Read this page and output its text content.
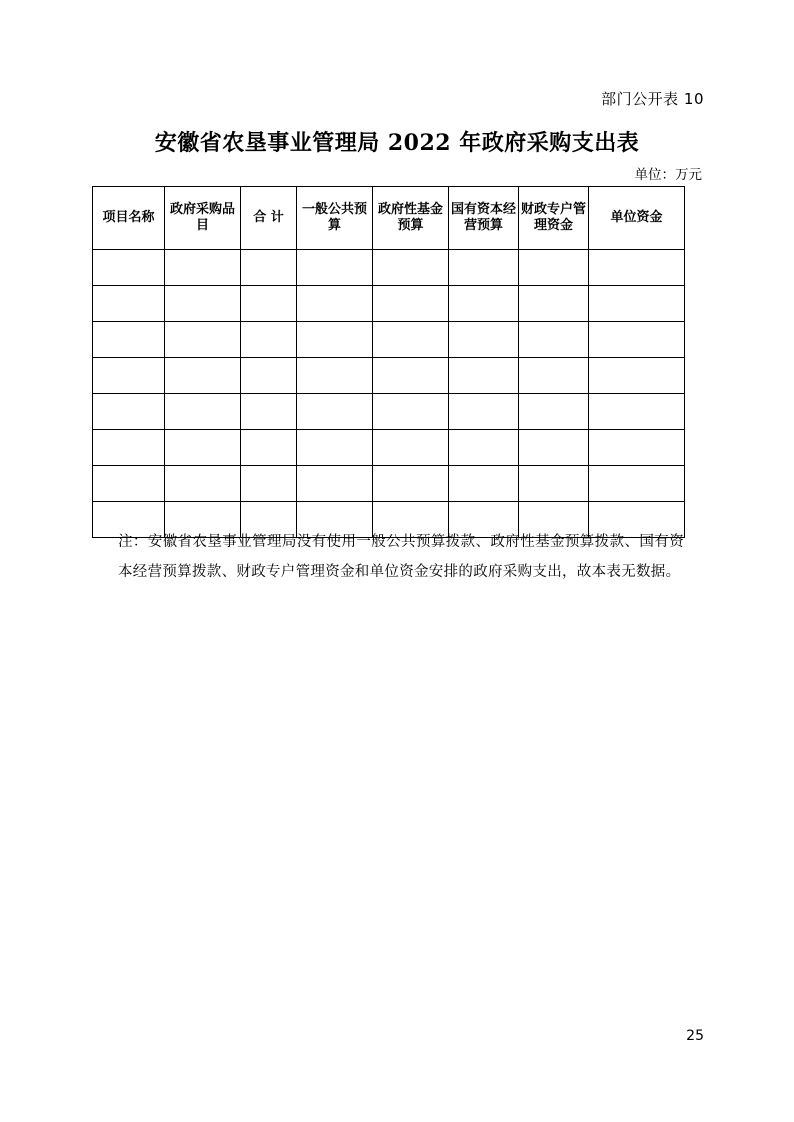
部门公开表 10
安徽省农垦事业管理局 2022 年政府采购支出表
单位：万元
项目名称	政府采购品目	合 计	一般公共预算	政府性基金预算	国有资本经营预算	财政专户管理资金	单位资金

注：安徽省农垦事业管理局没有使用一般公共预算拨款、政府性基金预算拨款、国有资本经营预算拨款、财政专户管理资金和单位资金安排的政府采购支出，故本表无数据。
25
